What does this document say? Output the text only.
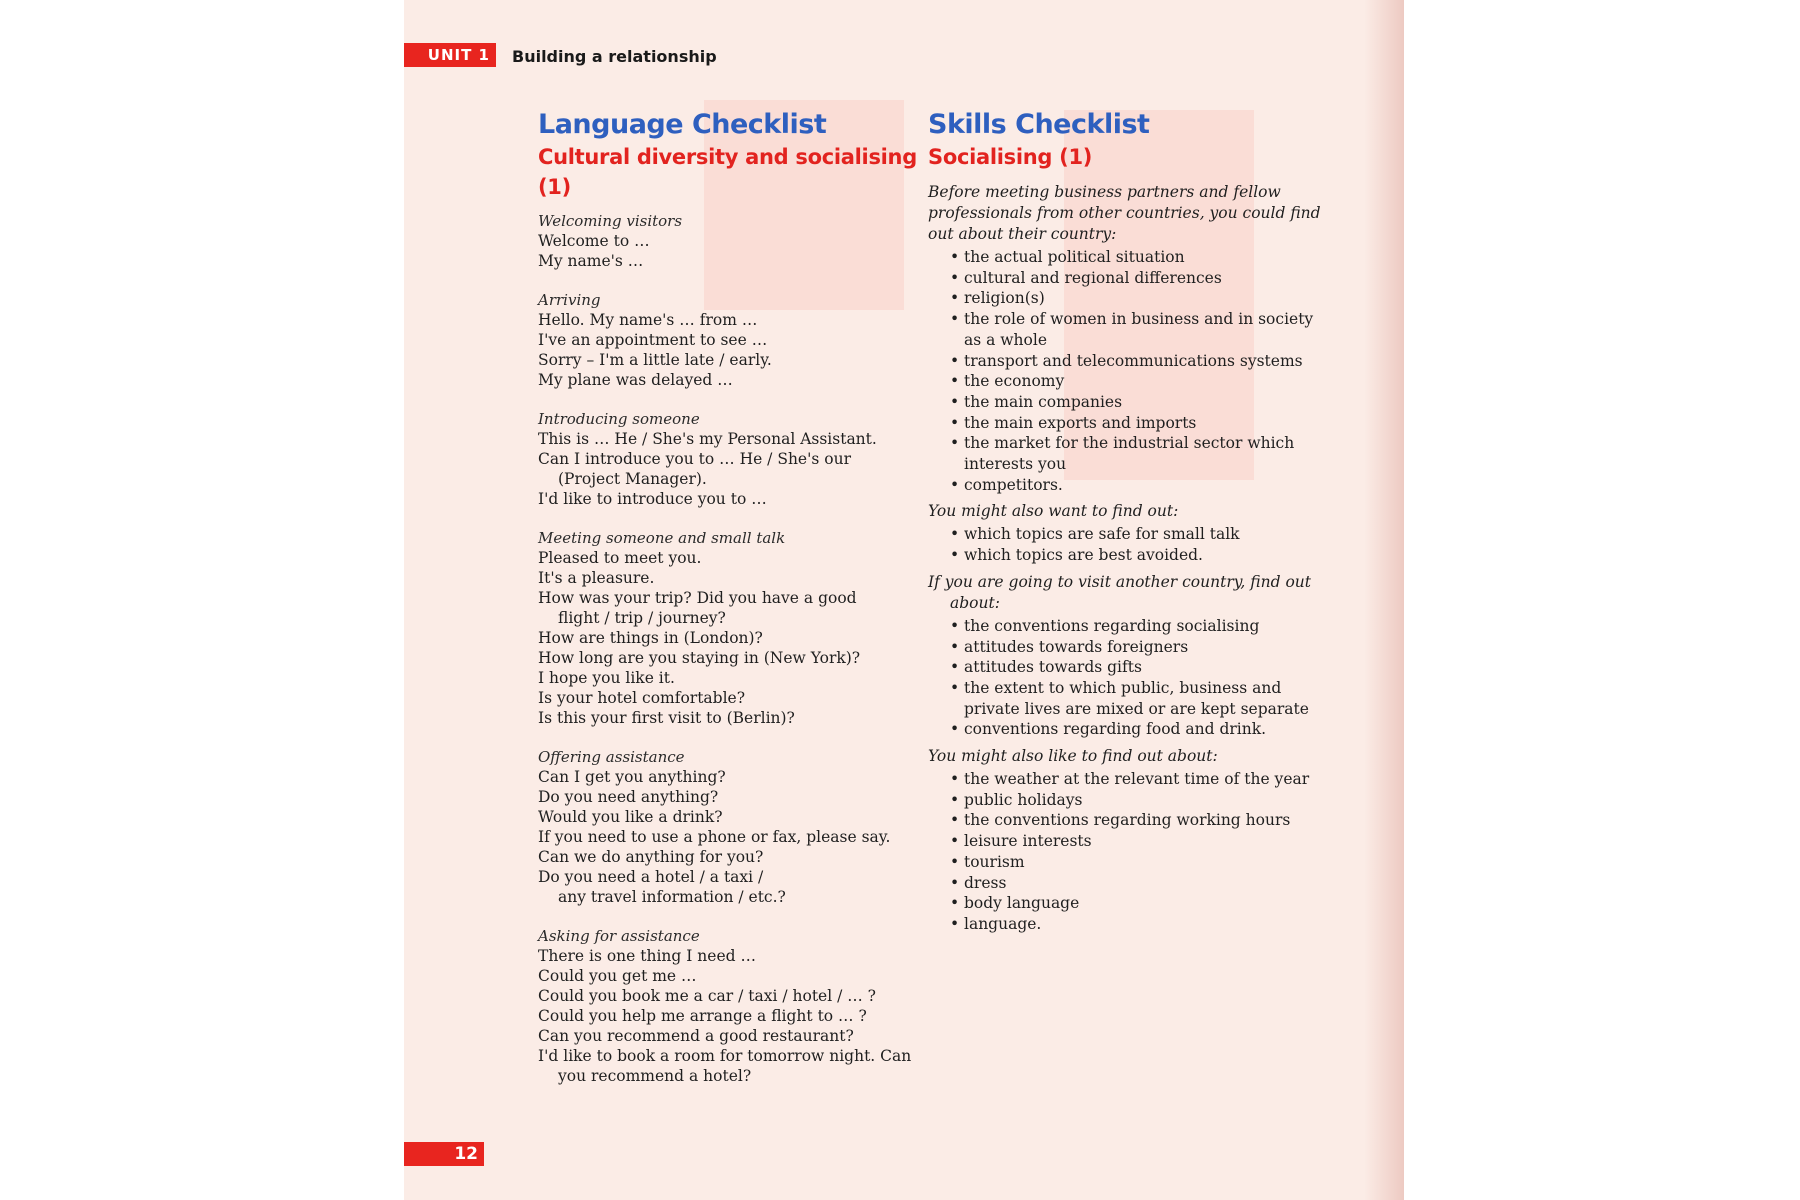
UNIT 1	Building a relationship
Language Checklist
Cultural diversity and socialising (1)
Welcoming visitors
Welcome to …
My name's …
Arriving
Hello. My name's … from …
I've an appointment to see …
Sorry – I'm a little late / early.
My plane was delayed …
Introducing someone
This is … He / She's my Personal Assistant.
Can I introduce you to … He / She's our
(Project Manager).
I'd like to introduce you to …
Meeting someone and small talk
Pleased to meet you.
It's a pleasure.
How was your trip? Did you have a good
flight / trip / journey?
How are things in (London)?
How long are you staying in (New York)?
I hope you like it.
Is your hotel comfortable?
Is this your first visit to (Berlin)?
Offering assistance
Can I get you anything?
Do you need anything?
Would you like a drink?
If you need to use a phone or fax, please say.
Can we do anything for you?
Do you need a hotel / a taxi /
any travel information / etc.?
Asking for assistance
There is one thing I need …
Could you get me …
Could you book me a car / taxi / hotel / … ?
Could you help me arrange a flight to … ?
Can you recommend a good restaurant?
I'd like to book a room for tomorrow night. Can
you recommend a hotel?
Skills Checklist
Socialising (1)

Before meeting business partners and fellow professionals from other countries, you could find out about their country:

• the actual political situation
• cultural and regional differences
• religion(s)
• the role of women in business and in society as a whole
• transport and telecommunications systems
• the economy
• the main companies
• the main exports and imports
• the market for the industrial sector which interests you
• competitors.

You might also want to find out:

• which topics are safe for small talk
• which topics are best avoided.

If you are going to visit another country, find out about:

• the conventions regarding socialising
• attitudes towards foreigners
• attitudes towards gifts
• the extent to which public, business and private lives are mixed or are kept separate
• conventions regarding food and drink.

You might also like to find out about:

• the weather at the relevant time of the year
• public holidays
• the conventions regarding working hours
• leisure interests
• tourism
• dress
• body language
• language.
12
